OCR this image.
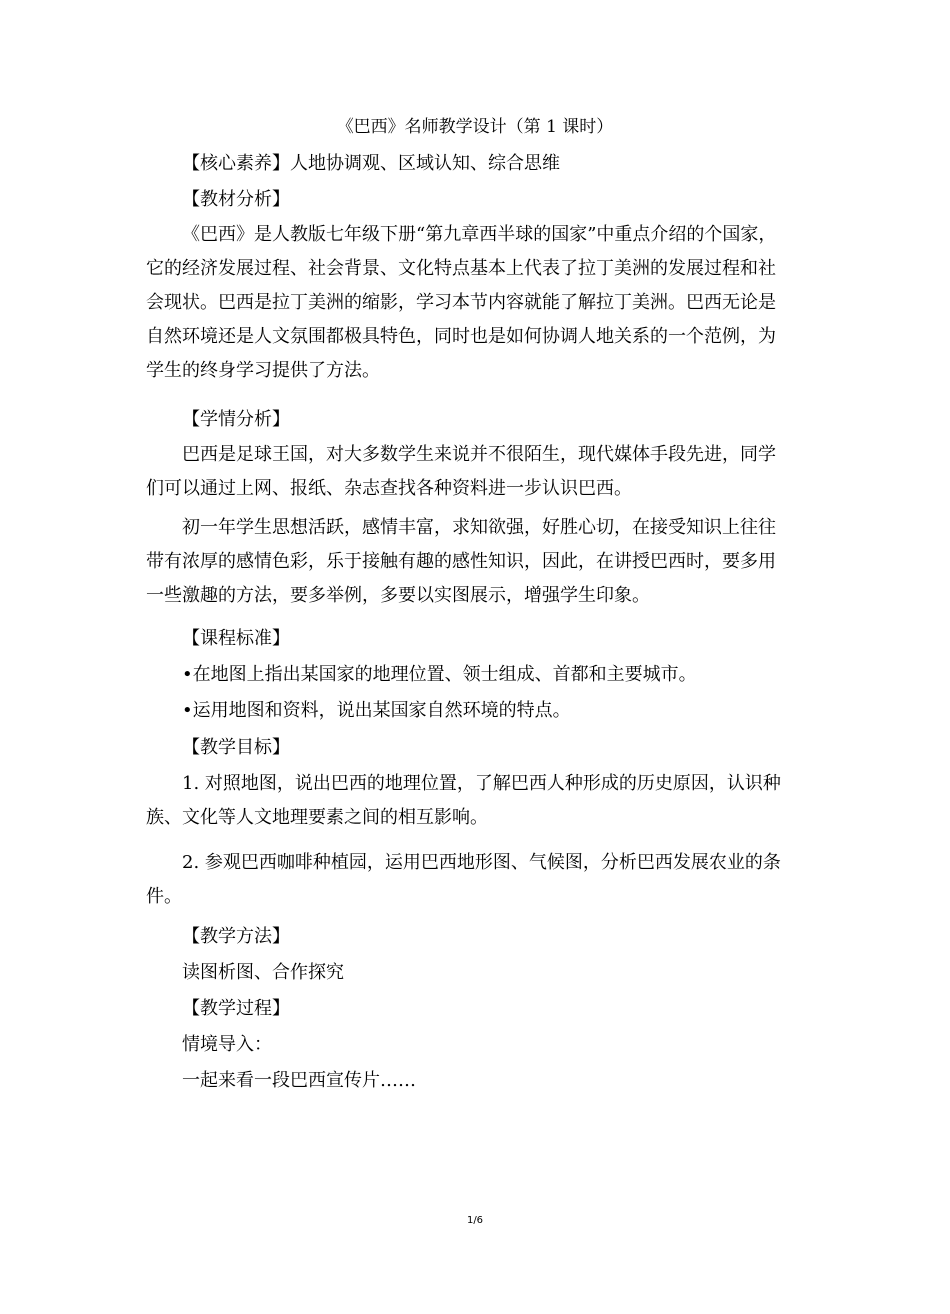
《巴西》名师教学设计（第 1 课时）
【核心素养】人地协调观、区域认知、综合思维
【教材分析】
《巴西》是人教版七年级下册“第九章西半球的国家”中重点介绍的个国家，
它的经济发展过程、社会背景、文化特点基本上代表了拉丁美洲的发展过程和社
会现状。巴西是拉丁美洲的缩影，学习本节内容就能了解拉丁美洲。巴西无论是
自然环境还是人文氛围都极具特色，同时也是如何协调人地关系的一个范例，为
学生的终身学习提供了方法。
【学情分析】
巴西是足球王国，对大多数学生来说并不很陌生，现代媒体手段先进，同学
们可以通过上网、报纸、杂志查找各种资料进一步认识巴西。
初一年学生思想活跃，感情丰富，求知欲强，好胜心切，在接受知识上往往
带有浓厚的感情色彩，乐于接触有趣的感性知识，因此，在讲授巴西时，要多用
一些激趣的方法，要多举例，多要以实图展示，增强学生印象。
【课程标准】
•在地图上指出某国家的地理位置、领士组成、首都和主要城市。
•运用地图和资料，说出某国家自然环境的特点。
【教学目标】
1. 对照地图，说出巴西的地理位置，了解巴西人种形成的历史原因，认识种
族、文化等人文地理要素之间的相互影响。
2. 参观巴西咖啡种植园，运用巴西地形图、气候图，分析巴西发展农业的条
件。
【教学方法】
读图析图、合作探究
【教学过程】
情境导入：
一起来看一段巴西宣传片……
1/6
